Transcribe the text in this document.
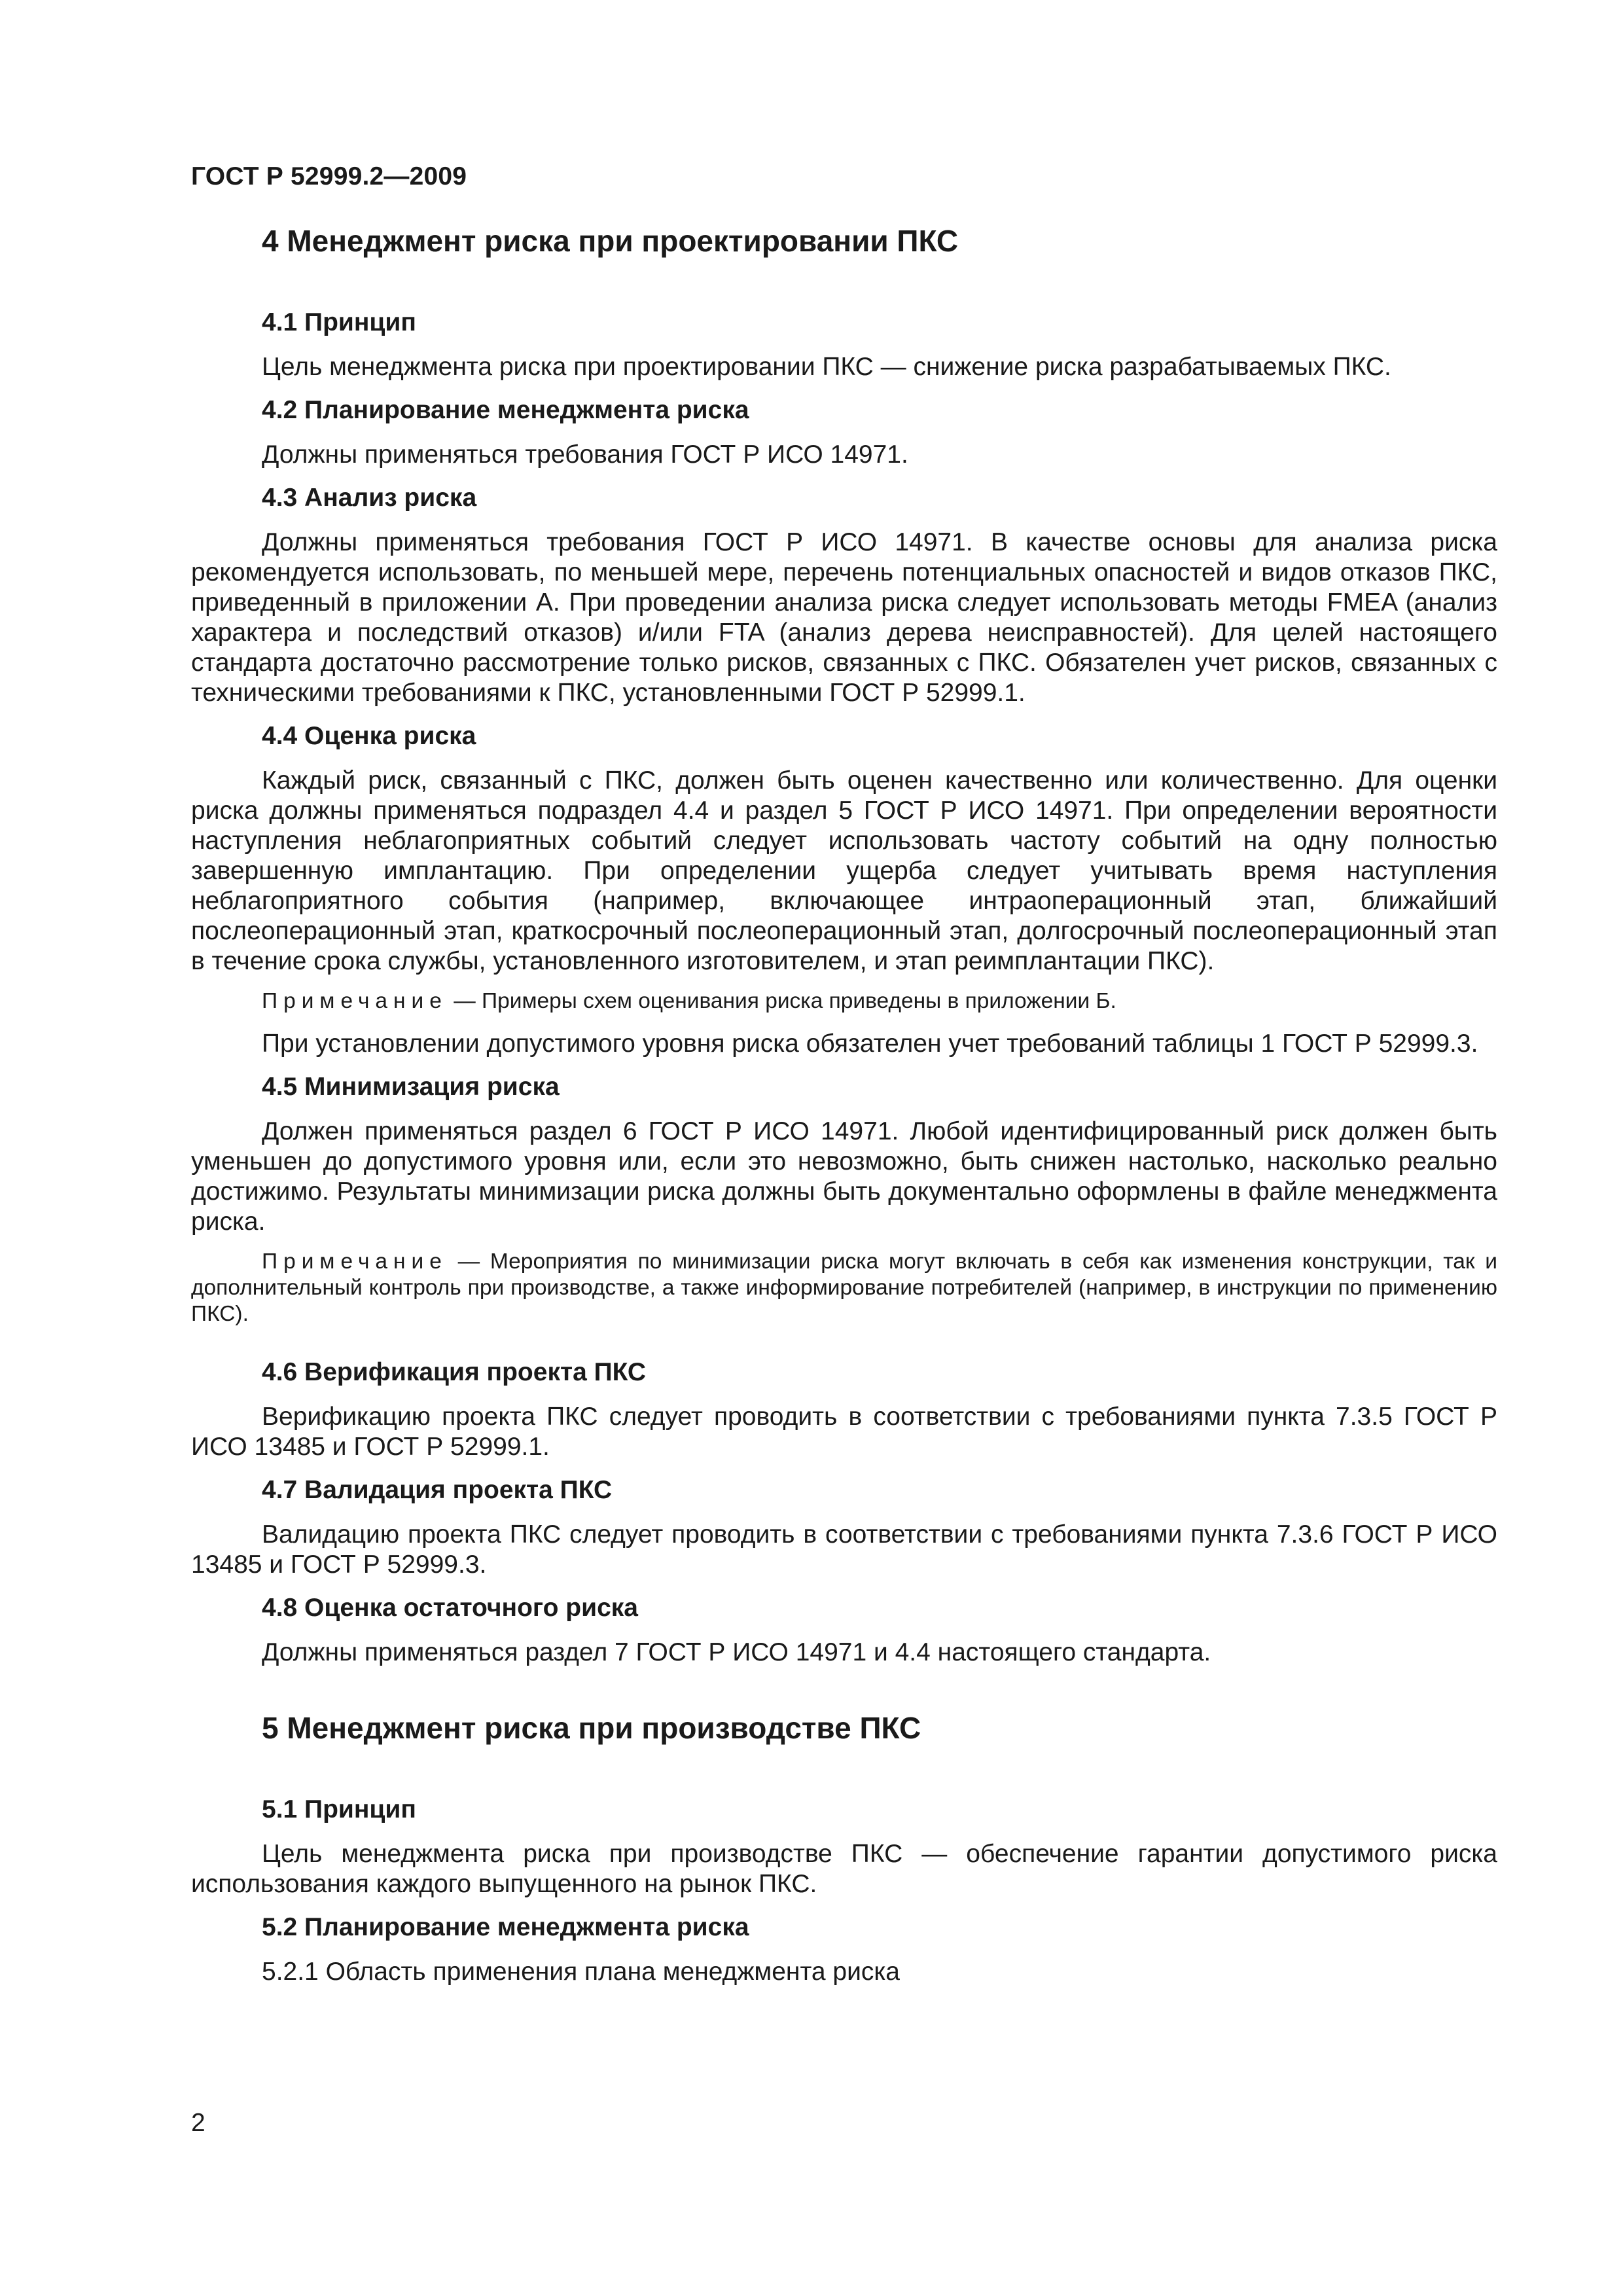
ГОСТ Р 52999.2—2009
4 Менеджмент риска при проектировании ПКС
4.1 Принцип
Цель менеджмента риска при проектировании ПКС — снижение риска разрабатываемых ПКС.
4.2 Планирование менеджмента риска
Должны применяться требования ГОСТ Р ИСО 14971.
4.3 Анализ риска
Должны применяться требования ГОСТ Р ИСО 14971. В качестве основы для анализа риска рекомендуется использовать, по меньшей мере, перечень потенциальных опасностей и видов отказов ПКС, приведенный в приложении А. При проведении анализа риска следует использовать методы FMEA (анализ характера и последствий отказов) и/или FTA (анализ дерева неисправностей). Для целей настоящего стандарта достаточно рассмотрение только рисков, связанных с ПКС. Обязателен учет рисков, связанных с техническими требованиями к ПКС, установленными ГОСТ Р 52999.1.
4.4 Оценка риска
Каждый риск, связанный с ПКС, должен быть оценен качественно или количественно. Для оценки риска должны применяться подраздел 4.4 и раздел 5 ГОСТ Р ИСО 14971. При определении вероятности наступления неблагоприятных событий следует использовать частоту событий на одну полностью завершенную имплантацию. При определении ущерба следует учитывать время наступления неблагоприятного события (например, включающее интраоперационный этап, ближайший послеоперационный этап, краткосрочный послеоперационный этап, долгосрочный послеоперационный этап в течение срока службы, установленного изготовителем, и этап реимплантации ПКС).
Примечание — Примеры схем оценивания риска приведены в приложении Б.
При установлении допустимого уровня риска обязателен учет требований таблицы 1 ГОСТ Р 52999.3.
4.5 Минимизация риска
Должен применяться раздел 6 ГОСТ Р ИСО 14971. Любой идентифицированный риск должен быть уменьшен до допустимого уровня или, если это невозможно, быть снижен настолько, насколько реально достижимо. Результаты минимизации риска должны быть документально оформлены в файле менеджмента риска.
Примечание — Мероприятия по минимизации риска могут включать в себя как изменения конструкции, так и дополнительный контроль при производстве, а также информирование потребителей (например, в инструкции по применению ПКС).
4.6 Верификация проекта ПКС
Верификацию проекта ПКС следует проводить в соответствии с требованиями пункта 7.3.5 ГОСТ Р ИСО 13485 и ГОСТ Р 52999.1.
4.7 Валидация проекта ПКС
Валидацию проекта ПКС следует проводить в соответствии с требованиями пункта 7.3.6 ГОСТ Р ИСО 13485 и ГОСТ Р 52999.3.
4.8 Оценка остаточного риска
Должны применяться раздел 7 ГОСТ Р ИСО 14971 и 4.4 настоящего стандарта.
5 Менеджмент риска при производстве ПКС
5.1 Принцип
Цель менеджмента риска при производстве ПКС — обеспечение гарантии допустимого риска использования каждого выпущенного на рынок ПКС.
5.2 Планирование менеджмента риска
5.2.1 Область применения плана менеджмента риска
2
